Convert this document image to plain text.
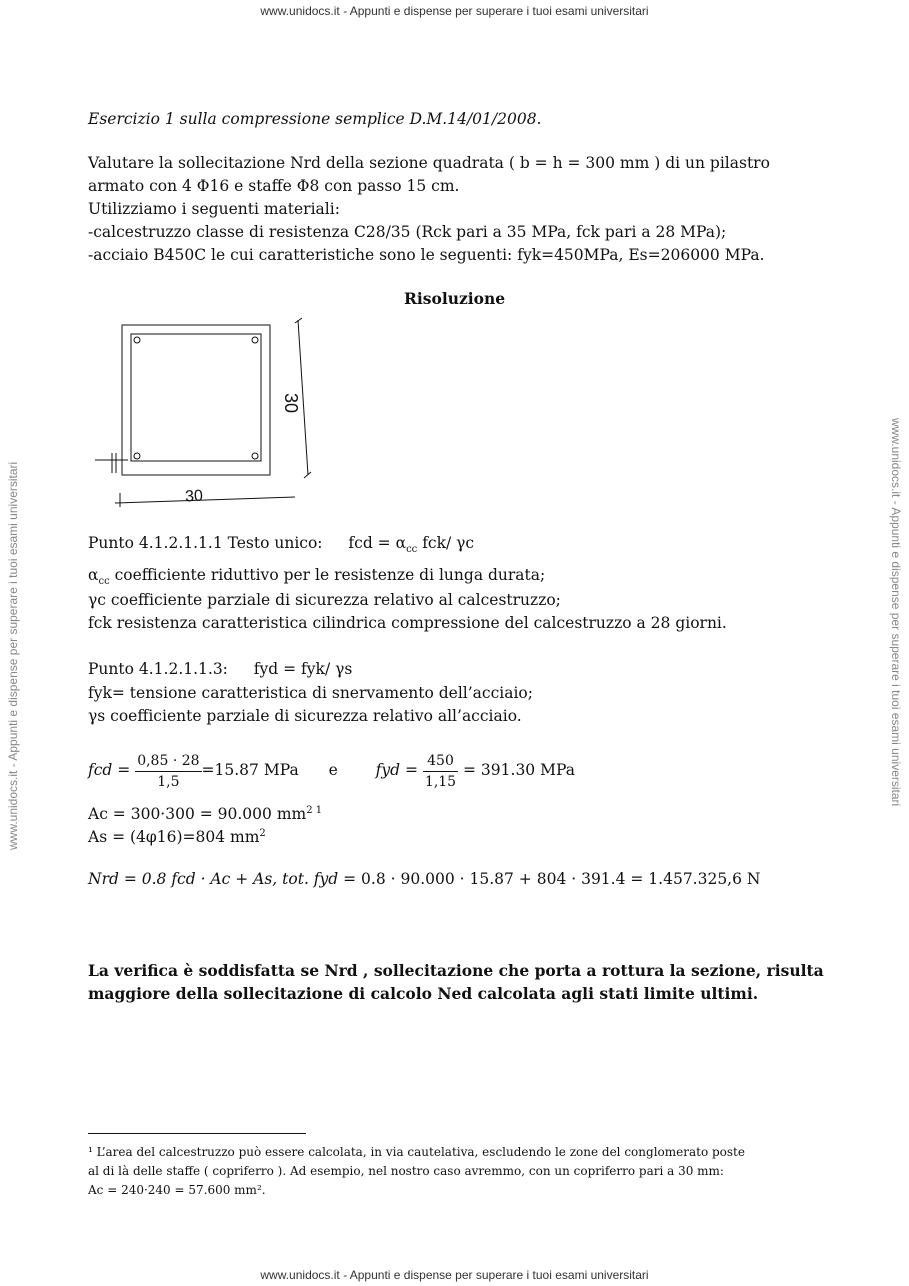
www.unidocs.it - Appunti e dispense per superare i tuoi esami universitari
www.unidocs.it - Appunti e dispense per superare i tuoi esami universitari
www.unidocs.it - Appunti e dispense per superare i tuoi esami universitari	www.unidocs.it - Appunti e dispense per superare i tuoi esami universitari
Esercizio 1 sulla compressione semplice D.M.14/01/2008.
Valutare la sollecitazione Nrd della sezione quadrata ( b = h = 300 mm ) di un pilastro
armato con 4 Φ16 e staffe Φ8 con passo 15 cm.
Utilizziamo i seguenti materiali:
-calcestruzzo classe di resistenza C28/35 (Rck pari a 35 MPa, fck pari a 28 MPa);
-acciaio B450C le cui caratteristiche sono le seguenti: fyk=450MPa, Es=206000 MPa.
Risoluzione
30
30
Punto 4.1.2.1.1.1 Testo unico: fcd = $\alpha_{cc}$ fck/ γc
$\alpha_{cc}$ coefficiente riduttivo per le resistenze di lunga durata;
γc coefficiente parziale di sicurezza relativo al calcestruzzo;
fck resistenza caratteristica cilindrica compressione del calcestruzzo a 28 giorni.
Punto 4.1.2.1.1.3: fyd = fyk/ γs
fyk= tensione caratteristica di snervamento dell’acciaio;
γs coefficiente parziale di sicurezza relativo all’acciaio.
fcd = $\frac{0,85 \cdot 28}{1,5} =15.87$ MPa e fyd = $\frac{450}{1,15} = 391.30$ MPa
Ac = 300·300 = 90.000 $mm^{2 1}$
As = (4φ16)=804 $mm^2$
Nrd = 0.8 fcd · Ac + As, tot. fyd = 0.8 · 90.000 · 15.87 + 804 · 391.4 = 1.457.325,6 N
La verifica è soddisfatta se Nrd , sollecitazione che porta a rottura la sezione, risulta
maggiore della sollecitazione di calcolo Ned calcolata agli stati limite ultimi.
¹ L’area del calcestruzzo può essere calcolata, in via cautelativa, escludendo le zone del conglomerato poste
al di là delle staffe ( copriferro ). Ad esempio, nel nostro caso avremmo, con un copriferro pari a 30 mm:
Ac = 240·240 = 57.600 mm².
